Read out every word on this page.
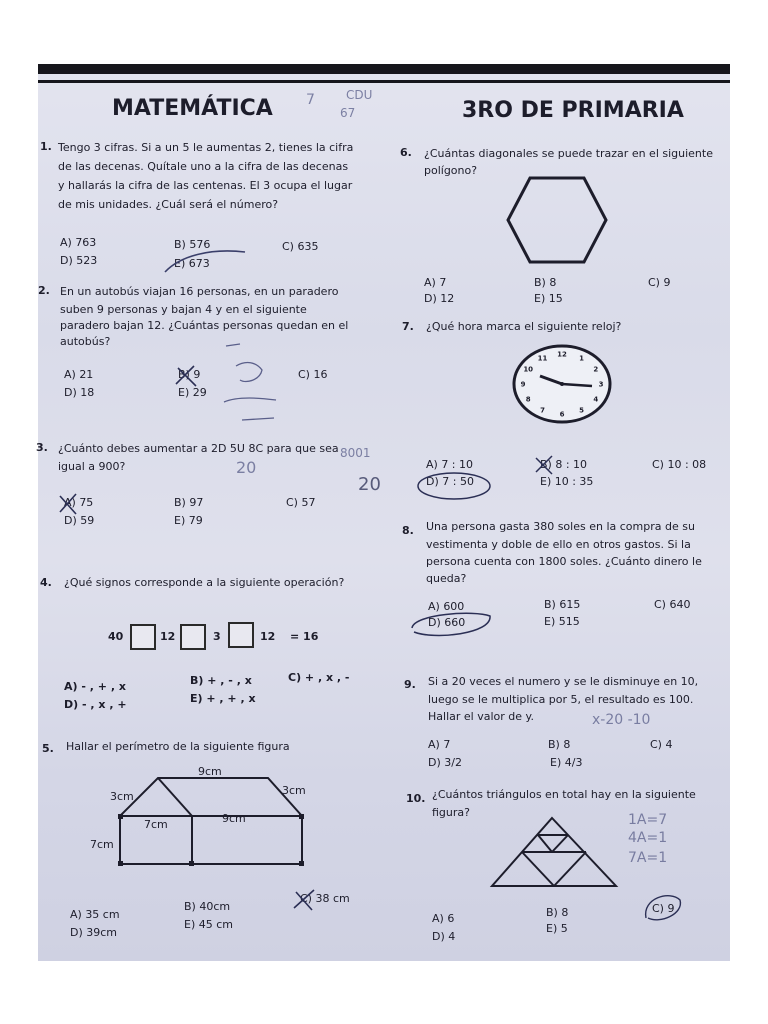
MATEMÁTICA	3RO DE PRIMARIA
7	CDU
67
1. Tengo 3 cifras. Si a un 5 le aumentas 2, tienes la cifra
de las decenas. Quítale uno a la cifra de las decenas
y hallarás la cifra de las centenas. El 3 ocupa el lugar
de mis unidades. ¿Cuál será el número?
A) 763	B) 576	C) 635
D) 523	E) 673
2. En un autobús viajan 16 personas, en un paradero
suben 9 personas y bajan 4 y en el siguiente
paradero bajan 12. ¿Cuántas personas quedan en el
autobús?
A) 21	B) 9	C) 16
D) 18	E) 29
3. ¿Cuánto debes aumentar a 2D 5U 8C para que sea
igual a 900?
A) 75	B) 97	C) 57
D) 59	E) 79
20
8001
20
4. ¿Qué signos corresponde a la siguiente operación?
40	12	3	12 = 16
A) - , + , x	B) + , - , x	C) + , x , -
D) - , x , +	E) + , + , x
5. Hallar el perímetro de la siguiente figura
9cm
3cm	3cm
7cm	9cm
7cm
A) 35 cm
B) 40cm
C) 38 cm
D) 39cm
E) 45 cm
6. ¿Cuántas diagonales se puede trazar en el siguiente
polígono?
A) 7	B) 8	C) 9
D) 12	E) 15
7. ¿Qué hora marca el siguiente reloj?
12 1
2
3
4
5
6
7
8
9
10
11
A) 7 : 10	B) 8 : 10	C) 10 : 08
D) 7 : 50	E) 10 : 35
8. Una persona gasta 380 soles en la compra de su
vestimenta y doble de ello en otros gastos. Si la
persona cuenta con 1800 soles. ¿Cuánto dinero le
queda?
A) 600	B) 615	C) 640
D) 660	E) 515
9. Si a 20 veces el numero y se le disminuye en 10,
luego se le multiplica por 5, el resultado es 100.
Hallar el valor de y.	x-20 -10
A) 7	B) 8	C) 4
D) 3/2	E) 4/3
10. ¿Cuántos triángulos en total hay en la siguiente
figura?	1A=7
4A=1
7A=1
A) 6	B) 8	C) 9
D) 4
E) 5
